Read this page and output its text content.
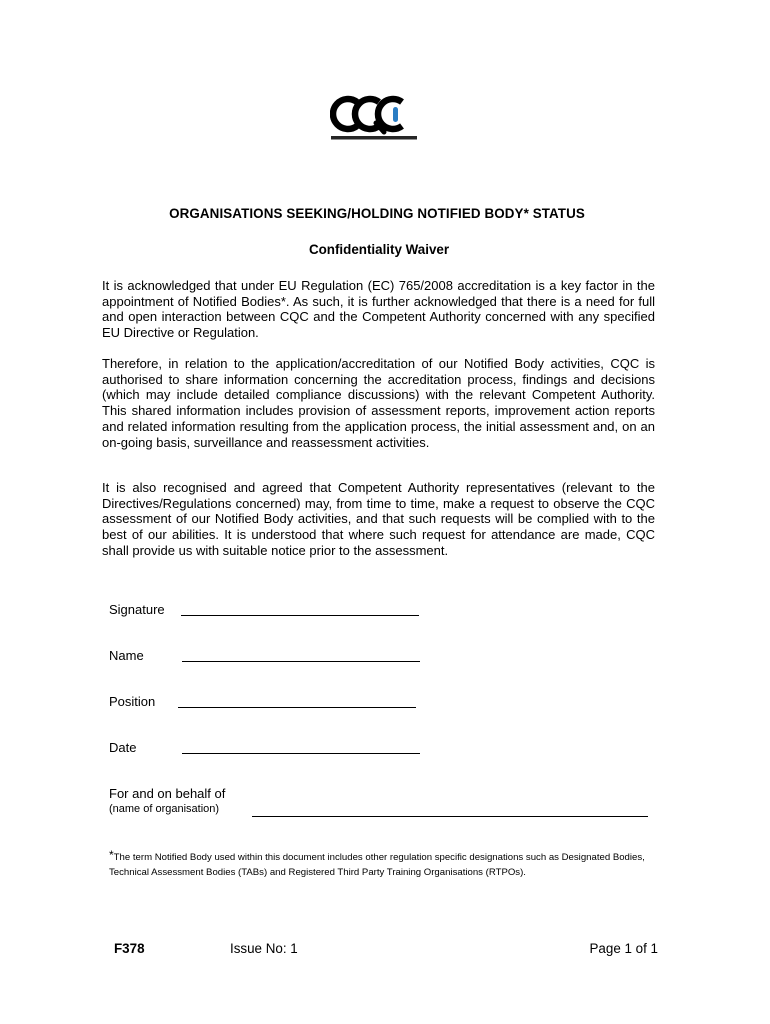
ORGANISATIONS SEEKING/HOLDING NOTIFIED BODY* STATUS
Confidentiality Waiver

It is acknowledged that under EU Regulation (EC) 765/2008 accreditation is a key factor in the appointment of Notified Bodies*. As such, it is further acknowledged that there is a need for full and open interaction between CQC and the Competent Authority concerned with any specified EU Directive or Regulation.

Therefore, in relation to the application/accreditation of our Notified Body activities, CQC is authorised to share information concerning the accreditation process, findings and decisions (which may include detailed compliance discussions) with the relevant Competent Authority. This shared information includes provision of assessment reports, improvement action reports and related information resulting from the application process, the initial assessment and, on an on-going basis, surveillance and reassessment activities.

It is also recognised and agreed that Competent Authority representatives (relevant to the Directives/Regulations concerned) may, from time to time, make a request to observe the CQC assessment of our Notified Body activities, and that such requests will be complied with to the best of our abilities. It is understood that where such request for attendance are made, CQC shall provide us with suitable notice prior to the assessment.

Signature
Name
Position
Date
For and on behalf of
(name of organisation)

*The term Notified Body used within this document includes other regulation specific designations such as Designated Bodies, Technical Assessment Bodies (TABs) and Registered Third Party Training Organisations (RTPOs).

F378	Issue No: 1	Page 1 of 1
